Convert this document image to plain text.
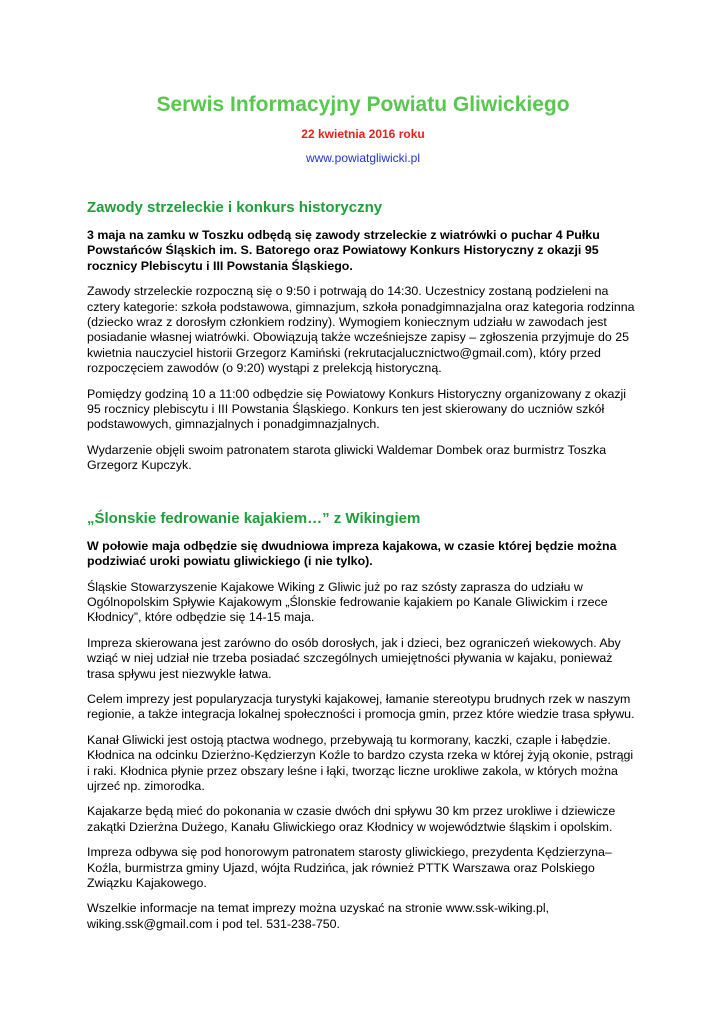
Serwis Informacyjny Powiatu Gliwickiego
22 kwietnia 2016 roku
www.powiatgliwicki.pl
Zawody strzeleckie i konkurs historyczny

3 maja na zamku w Toszku odbędą się zawody strzeleckie z wiatrówki o puchar 4 Pułku Powstańców Śląskich im. S. Batorego oraz Powiatowy Konkurs Historyczny z okazji 95 rocznicy Plebiscytu i III Powstania Śląskiego.

Zawody strzeleckie rozpoczną się o 9:50 i potrwają do 14:30. Uczestnicy zostaną podzieleni na cztery kategorie: szkoła podstawowa, gimnazjum, szkoła ponadgimnazjalna oraz kategoria rodzinna (dziecko wraz z dorosłym członkiem rodziny). Wymogiem koniecznym udziału w zawodach jest posiadanie własnej wiatrówki. Obowiązują także wcześniejsze zapisy – zgłoszenia przyjmuje do 25 kwietnia nauczyciel historii Grzegorz Kamiński (rekrutacjalucznictwo@gmail.com), który przed rozpoczęciem zawodów (o 9:20) wystąpi z prelekcją historyczną.

Pomiędzy godziną 10 a 11:00 odbędzie się Powiatowy Konkurs Historyczny organizowany z okazji 95 rocznicy plebiscytu i III Powstania Śląskiego. Konkurs ten jest skierowany do uczniów szkół podstawowych, gimnazjalnych i ponadgimnazjalnych.

Wydarzenie objęli swoim patronatem starota gliwicki Waldemar Dombek oraz burmistrz Toszka Grzegorz Kupczyk.

„Ślonskie fedrowanie kajakiem…” z Wikingiem

W połowie maja odbędzie się dwudniowa impreza kajakowa, w czasie której będzie można podziwiać uroki powiatu gliwickiego (i nie tylko).

Śląskie Stowarzyszenie Kajakowe Wiking z Gliwic już po raz szósty zaprasza do udziału w Ogólnopolskim Spływie Kajakowym „Ślonskie fedrowanie kajakiem po Kanale Gliwickim i rzece Kłodnicy”, które odbędzie się 14-15 maja.

Impreza skierowana jest zarówno do osób dorosłych, jak i dzieci, bez ograniczeń wiekowych. Aby wziąć w niej udział nie trzeba posiadać szczególnych umiejętności pływania w kajaku, ponieważ trasa spływu jest niezwykle łatwa.

Celem imprezy jest popularyzacja turystyki kajakowej, łamanie stereotypu brudnych rzek w naszym regionie, a także integracja lokalnej społeczności i promocja gmin, przez które wiedzie trasa spływu.

Kanał Gliwicki jest ostoją ptactwa wodnego, przebywają tu kormorany, kaczki, czaple i łabędzie. Kłodnica na odcinku Dzierżno-Kędzierzyn Koźle to bardzo czysta rzeka w której żyją okonie, pstrągi i raki. Kłodnica płynie przez obszary leśne i łąki, tworząc liczne urokliwe zakola, w których można ujrzeć np. zimorodka.

Kajakarze będą mieć do pokonania w czasie dwóch dni spływu 30 km przez urokliwe i dziewicze zakątki Dzierżna Dużego, Kanału Gliwickiego oraz Kłodnicy w województwie śląskim i opolskim.

Impreza odbywa się pod honorowym patronatem starosty gliwickiego, prezydenta Kędzierzyna–Koźla, burmistrza gminy Ujazd, wójta Rudzińca, jak również PTTK Warszawa oraz Polskiego Związku Kajakowego.

Wszelkie informacje na temat imprezy można uzyskać na stronie www.ssk-wiking.pl, wiking.ssk@gmail.com i pod tel. 531-238-750.
